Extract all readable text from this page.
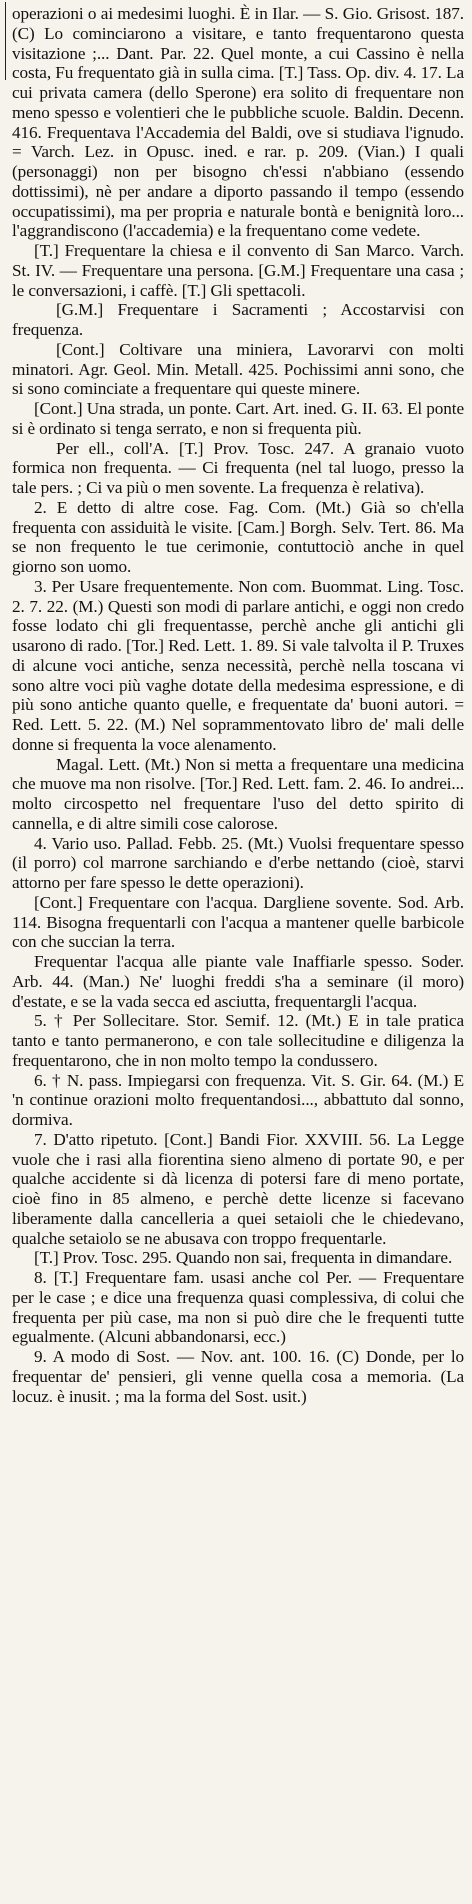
operazioni o ai medesimi luoghi. È in Ilar. — S. Gio. Grisost. 187. (C) Lo cominciarono a visitare, e tanto frequentarono questa visitazione ;... Dant. Par. 22. Quel monte, a cui Cassino è nella costa, Fu frequentato già in sulla cima. [T.] Tass. Op. div. 4. 17. La cui privata camera (dello Sperone) era solito di frequentare non meno spesso e volentieri che le pubbliche scuole. Baldin. Decenn. 416. Frequentava l'Accademia del Baldi, ove si studiava l'ignudo. = Varch. Lez. in Opusc. ined. e rar. p. 209. (Vian.) I quali (personaggi) non per bisogno ch'essi n'abbiano (essendo dottissimi), nè per andare a diporto passando il tempo (essendo occupatissimi), ma per propria e naturale bontà e benignità loro... l'aggrandiscono (l'accademia) e la frequentano come vedete.

[T.] Frequentare la chiesa e il convento di San Marco. Varch. St. IV. — Frequentare una persona. [G.M.] Frequentare una casa ; le conversazioni, i caffè. [T.] Gli spettacoli.

[G.M.] Frequentare i Sacramenti ; Accostarvisi con frequenza.

[Cont.] Coltivare una miniera, Lavorarvi con molti minatori. Agr. Geol. Min. Metall. 425. Pochissimi anni sono, che si sono cominciate a frequentare qui queste minere.

[Cont.] Una strada, un ponte. Cart. Art. ined. G. II. 63. El ponte si è ordinato si tenga serrato, e non si frequenta più.

Per ell., coll'A. [T.] Prov. Tosc. 247. A granaio vuoto formica non frequenta. — Ci frequenta (nel tal luogo, presso la tale pers. ; Ci va più o men sovente. La frequenza è relativa).

2. E detto di altre cose. Fag. Com. (Mt.) Già so ch'ella frequenta con assiduità le visite. [Cam.] Borgh. Selv. Tert. 86. Ma se non frequento le tue cerimonie, contuttociò anche in quel giorno son uomo.

3. Per Usare frequentemente. Non com. Buommat. Ling. Tosc. 2. 7. 22. (M.) Questi son modi di parlare antichi, e oggi non credo fosse lodato chi gli frequentasse, perchè anche gli antichi gli usarono di rado. [Tor.] Red. Lett. 1. 89. Si vale talvolta il P. Truxes di alcune voci antiche, senza necessità, perchè nella toscana vi sono altre voci più vaghe dotate della medesima espressione, e di più sono antiche quanto quelle, e frequentate da' buoni autori. = Red. Lett. 5. 22. (M.) Nel soprammentovato libro de' mali delle donne si frequenta la voce alenamento.

Magal. Lett. (Mt.) Non si metta a frequentare una medicina che muove ma non risolve. [Tor.] Red. Lett. fam. 2. 46. Io andrei... molto circospetto nel frequentare l'uso del detto spirito di cannella, e di altre simili cose calorose.

4. Vario uso. Pallad. Febb. 25. (Mt.) Vuolsi frequentare spesso (il porro) col marrone sarchiando e d'erbe nettando (cioè, starvi attorno per fare spesso le dette operazioni).

[Cont.] Frequentare con l'acqua. Dargliene sovente. Sod. Arb. 114. Bisogna frequentarli con l'acqua a mantener quelle barbicole con che succian la terra.

Frequentar l'acqua alle piante vale Inaffiarle spesso. Soder. Arb. 44. (Man.) Ne' luoghi freddi s'ha a seminare (il moro) d'estate, e se la vada secca ed asciutta, frequentargli l'acqua.

5. † Per Sollecitare. Stor. Semif. 12. (Mt.) E in tale pratica tanto e tanto permanerono, e con tale sollecitudine e diligenza la frequentarono, che in non molto tempo la condussero.

6. † N. pass. Impiegarsi con frequenza. Vit. S. Gir. 64. (M.) E 'n continue orazioni molto frequentandosi..., abbattuto dal sonno, dormiva.

7. D'atto ripetuto. [Cont.] Bandi Fior. XXVIII. 56. La Legge vuole che i rasi alla fiorentina sieno almeno di portate 90, e per qualche accidente si dà licenza di potersi fare di meno portate, cioè fino in 85 almeno, e perchè dette licenze si facevano liberamente dalla cancelleria a quei setaioli che le chiedevano, qualche setaiolo se ne abusava con troppo frequentarle.

[T.] Prov. Tosc. 295. Quando non sai, frequenta in dimandare.

8. [T.] Frequentare fam. usasi anche col Per. — Frequentare per le case ; e dice una frequenza quasi complessiva, di colui che frequenta per più case, ma non si può dire che le frequenti tutte egualmente. (Alcuni abbandonarsi, ecc.)

9. A modo di Sost. — Nov. ant. 100. 16. (C) Donde, per lo frequentar de' pensieri, gli venne quella cosa a memoria. (La locuz. è inusit. ; ma la forma del Sost. usit.)
